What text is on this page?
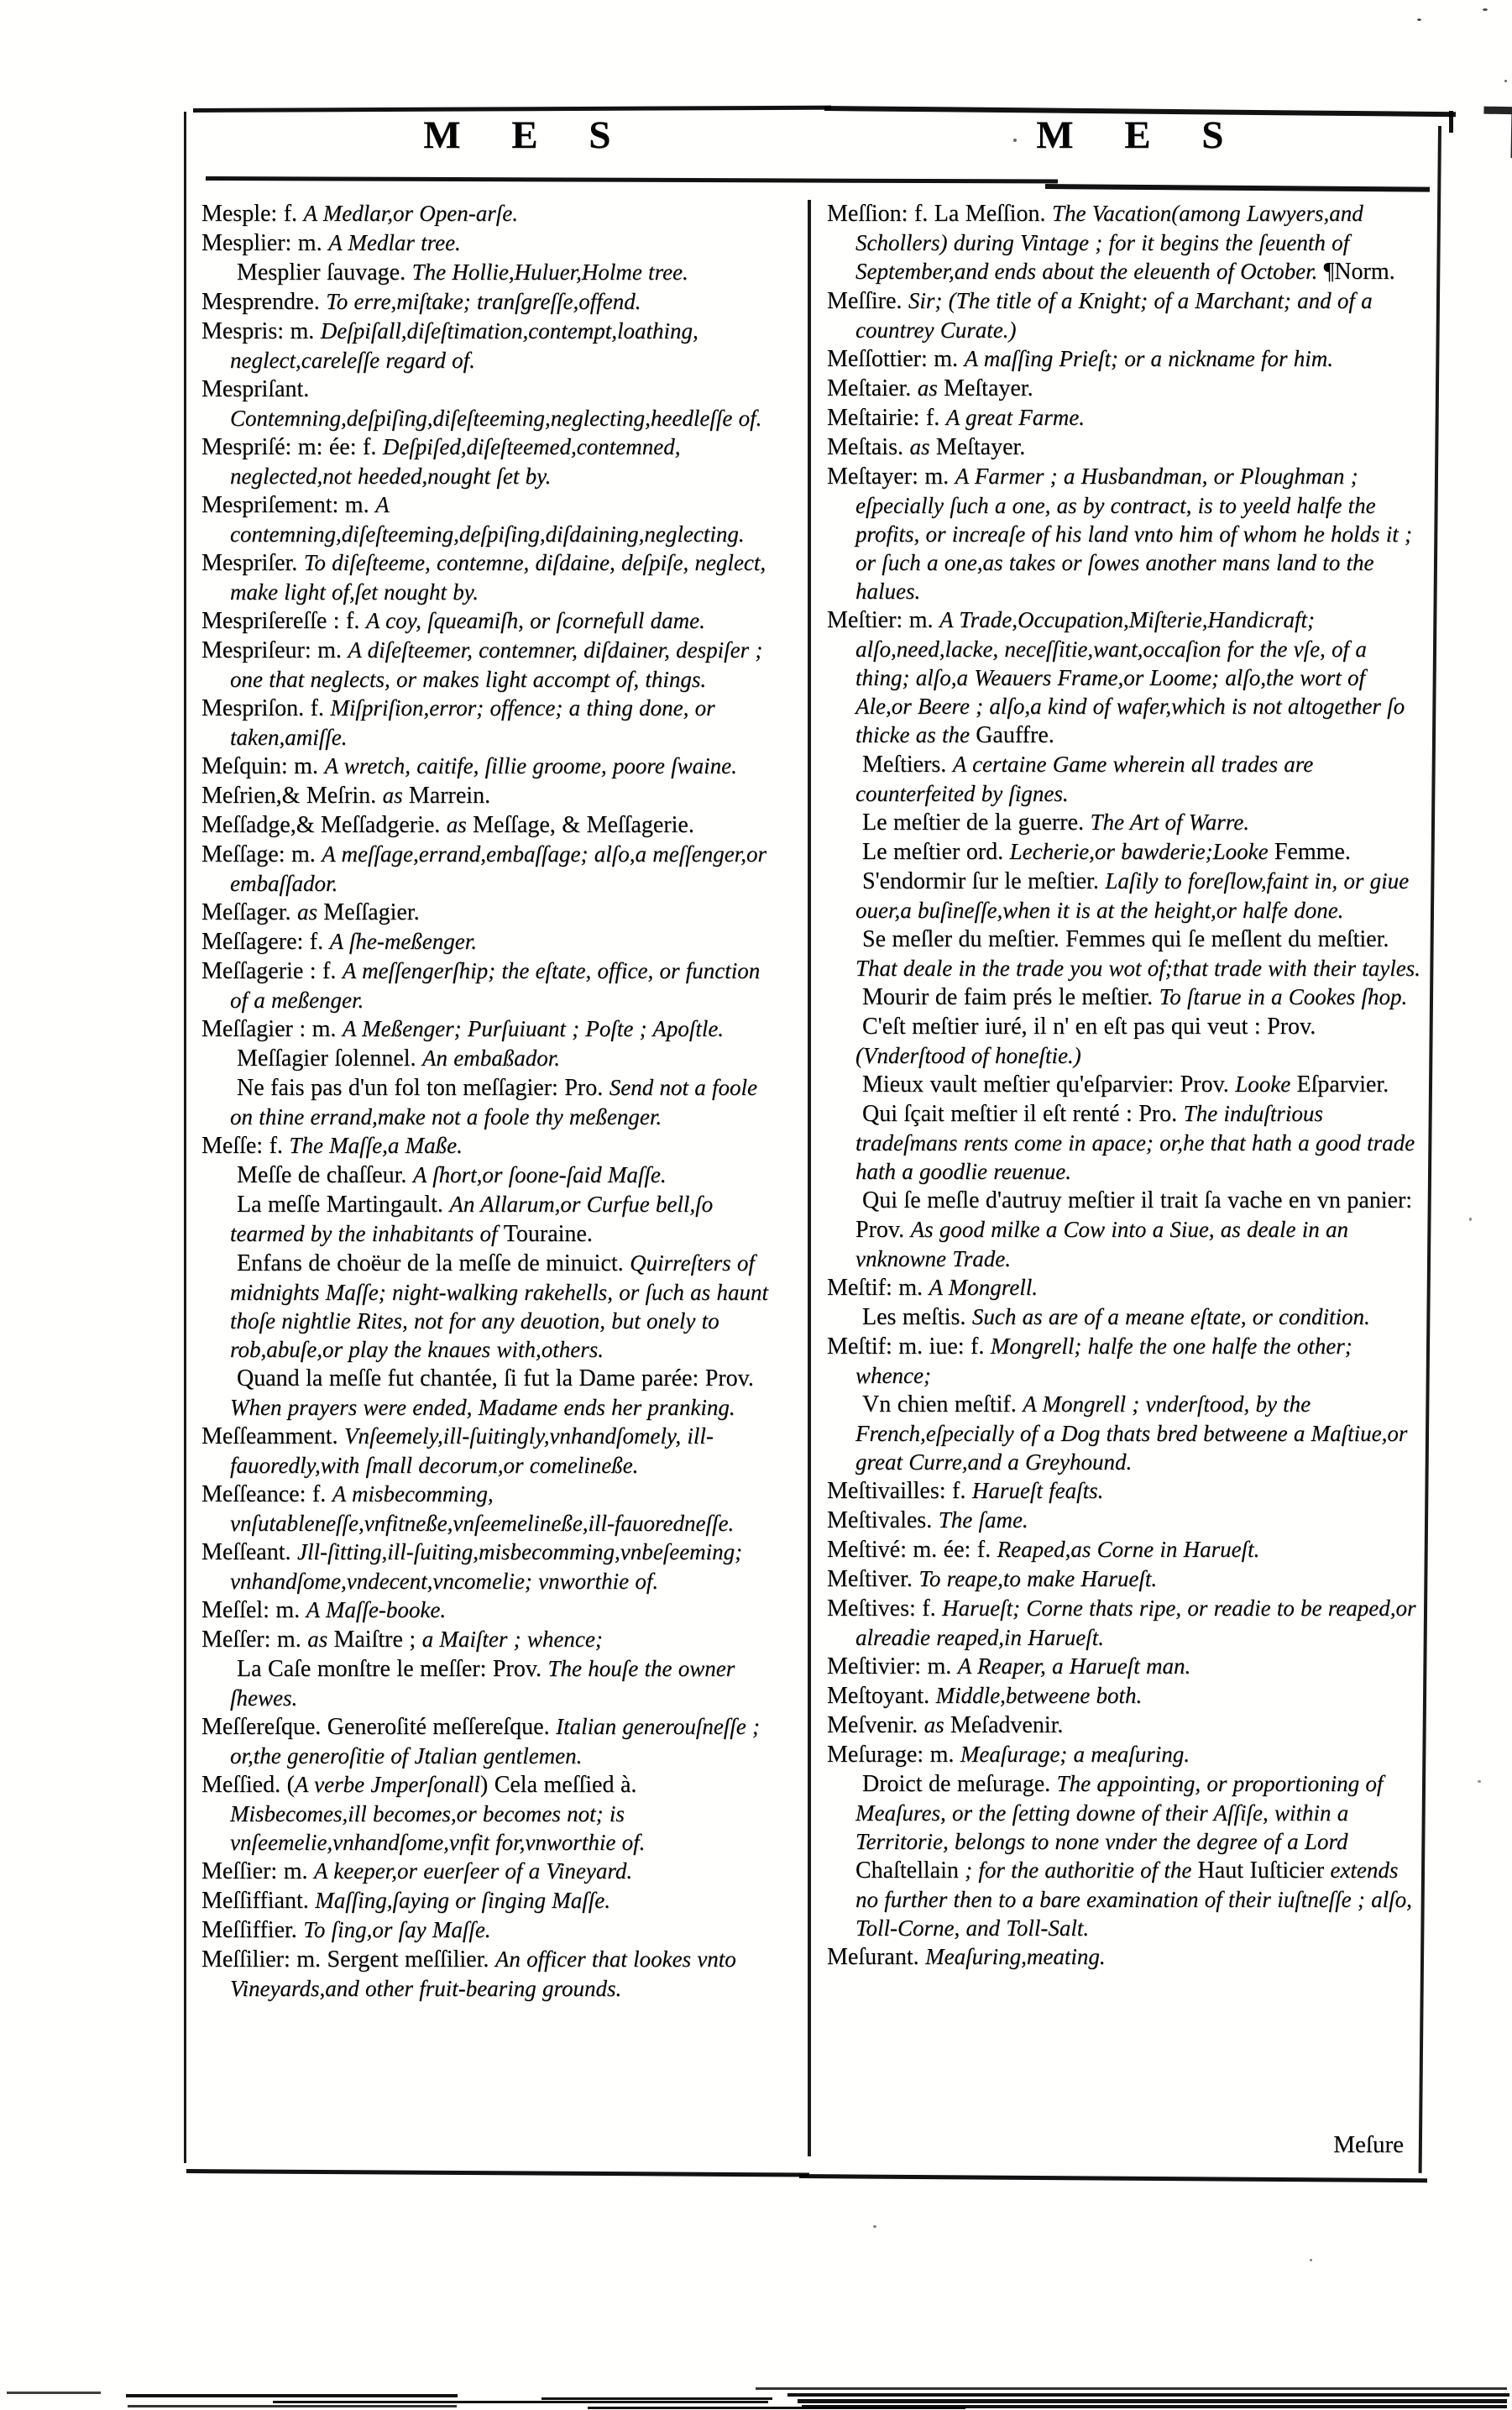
M E S	M E S

Mesple: f. A Medlar,or Open-arſe.

Mesplier: m. A Medlar tree.

Mesplier ſauvage. The Hollie,Huluer,Holme tree.

Mesprendre. To erre,miſtake; tranſgreſſe,offend.

Mespris: m. Deſpiſall,diſeſtimation,contempt,loathing, neglect,careleſſe regard of.

Mespriſant. Contemning,deſpiſing,diſeſteeming,neglecting,heedleſſe of.

Mespriſé: m: ée: f. Deſpiſed,diſeſteemed,contemned, neglected,not heeded,nought ſet by.

Mespriſement: m. A contemning,diſeſteeming,deſpiſing,diſdaining,neglecting.

Mespriſer. To diſeſteeme, contemne, diſdaine, deſpiſe, neglect, make light of,ſet nought by.

Mespriſereſſe : f. A coy, ſqueamiſh, or ſcornefull dame.

Mespriſeur: m. A diſeſteemer, contemner, diſdainer, despiſer ; one that neglects, or makes light accompt of, things.

Mespriſon. f. Miſpriſion,error; offence; a thing done, or taken,amiſſe.

Meſquin: m. A wretch, caitife, ſillie groome, poore ſwaine.

Meſrien,& Meſrin. as Marrein.

Meſſadge,& Meſſadgerie. as Meſſage, & Meſſagerie.

Meſſage: m. A meſſage,errand,embaſſage; alſo,a meſſenger,or embaſſador.

Meſſager. as Meſſagier.

Meſſagere: f. A ſhe-meßenger.

Meſſagerie : f. A meſſengerſhip; the eſtate, office, or function of a meßenger.

Meſſagier : m. A Meßenger; Purſuiuant ; Poſte ; Apoſtle.

Meſſagier ſolennel. An embaßador.

Ne fais pas d'un fol ton meſſagier: Pro. Send not a foole on thine errand,make not a foole thy meßenger.

Meſſe: f. The Maſſe,a Maße.

Meſſe de chaſſeur. A ſhort,or ſoone-ſaid Maſſe.

La meſſe Martingault. An Allarum,or Curfue bell,ſo tearmed by the inhabitants of Touraine.

Enfans de choëur de la meſſe de minuict. Quirreſters of midnights Maſſe; night-walking rakehells, or ſuch as haunt thoſe nightlie Rites, not for any deuotion, but onely to rob,abuſe,or play the knaues with,others.

Quand la meſſe fut chantée, ſi fut la Dame parée: Prov. When prayers were ended, Madame ends her pranking.

Meſſeamment. Vnſeemely,ill-ſuitingly,vnhandſomely, ill-fauoredly,with ſmall decorum,or comelineße.

Meſſeance: f. A misbecomming, vnſutableneſſe,vnfitneße,vnſeemelineße,ill-fauoredneſſe.

Meſſeant. Jll-ſitting,ill-ſuiting,misbecomming,vnbeſeeming; vnhandſome,vndecent,vncomelie; vnworthie of.

Meſſel: m. A Maſſe-booke.

Meſſer: m. as Maiſtre ; a Maiſter ; whence;

La Caſe monſtre le meſſer: Prov. The houſe the owner ſhewes.

Meſſereſque. Generoſité meſſereſque. Italian generouſneſſe ; or,the generoſitie of Jtalian gentlemen.

Meſſied. (A verbe Jmperſonall) Cela meſſied à. Misbecomes,ill becomes,or becomes not; is vnſeemelie,vnhandſome,vnfit for,vnworthie of.

Meſſier: m. A keeper,or euerſeer of a Vineyard.

Meſſiffiant. Maſſing,ſaying or ſinging Maſſe.

Meſſiffier. To ſing,or ſay Maſſe.

Meſſilier: m. Sergent meſſilier. An officer that lookes vnto Vineyards,and other fruit-bearing grounds.

Meſſion: f. La Meſſion. The Vacation(among Lawyers,and Schollers) during Vintage ; for it begins the ſeuenth of September,and ends about the eleuenth of October. ¶Norm.

Meſſire. Sir; (The title of a Knight; of a Marchant; and of a countrey Curate.)

Meſſottier: m. A maſſing Prieſt; or a nickname for him.

Meſtaier. as Meſtayer.

Meſtairie: f. A great Farme.

Meſtais. as Meſtayer.

Meſtayer: m. A Farmer ; a Husbandman, or Ploughman ; eſpecially ſuch a one, as by contract, is to yeeld halfe the profits, or increaſe of his land vnto him of whom he holds it ; or ſuch a one,as takes or ſowes another mans land to the halues.

Meſtier: m. A Trade,Occupation,Miſterie,Handicraft; alſo,need,lacke, neceſſitie,want,occaſion for the vſe, of a thing; alſo,a Weauers Frame,or Loome; alſo,the wort of Ale,or Beere ; alſo,a kind of wafer,which is not altogether ſo thicke as the Gauffre.

Meſtiers. A certaine Game wherein all trades are counterfeited by ſignes.

Le meſtier de la guerre. The Art of Warre.

Le meſtier ord. Lecherie,or bawderie;Looke Femme.

S'endormir ſur le meſtier. Laſily to foreſlow,faint in, or giue ouer,a buſineſſe,when it is at the height,or halfe done.

Se meſler du meſtier. Femmes qui ſe meſlent du meſtier. That deale in the trade you wot of;that trade with their tayles.

Mourir de faim prés le meſtier. To ſtarue in a Cookes ſhop.

C'eſt meſtier iuré, il n' en eſt pas qui veut : Prov. (Vnderſtood of honeſtie.)

Mieux vault meſtier qu'eſparvier: Prov. Looke Eſparvier.

Qui ſçait meſtier il eſt renté : Pro. The induſtrious tradeſmans rents come in apace; or,he that hath a good trade hath a goodlie reuenue.

Qui ſe meſle d'autruy meſtier il trait ſa vache en vn panier: Prov. As good milke a Cow into a Siue, as deale in an vnknowne Trade.

Meſtif: m. A Mongrell.

Les meſtis. Such as are of a meane eſtate, or condition.

Meſtif: m. iue: f. Mongrell; halfe the one halfe the other; whence;

Vn chien meſtif. A Mongrell ; vnderſtood, by the French,eſpecially of a Dog thats bred betweene a Maſtiue,or great Curre,and a Greyhound.

Meſtivailles: f. Harueſt feaſts.

Meſtivales. The ſame.

Meſtivé: m. ée: f. Reaped,as Corne in Harueſt.

Meſtiver. To reape,to make Harueſt.

Meſtives: f. Harueſt; Corne thats ripe, or readie to be reaped,or alreadie reaped,in Harueſt.

Meſtivier: m. A Reaper, a Harueſt man.

Meſtoyant. Middle,betweene both.

Meſvenir. as Meſadvenir.

Meſurage: m. Meaſurage; a meaſuring.

Droict de meſurage. The appointing, or proportioning of Meaſures, or the ſetting downe of their Aſſiſe, within a Territorie, belongs to none vnder the degree of a Lord Chaſtellain ; for the authoritie of the Haut Iuſticier extends no further then to a bare examination of their iuſtneſſe ; alſo, Toll-Corne, and Toll-Salt.

Meſurant. Meaſuring,meating.

Meſure
